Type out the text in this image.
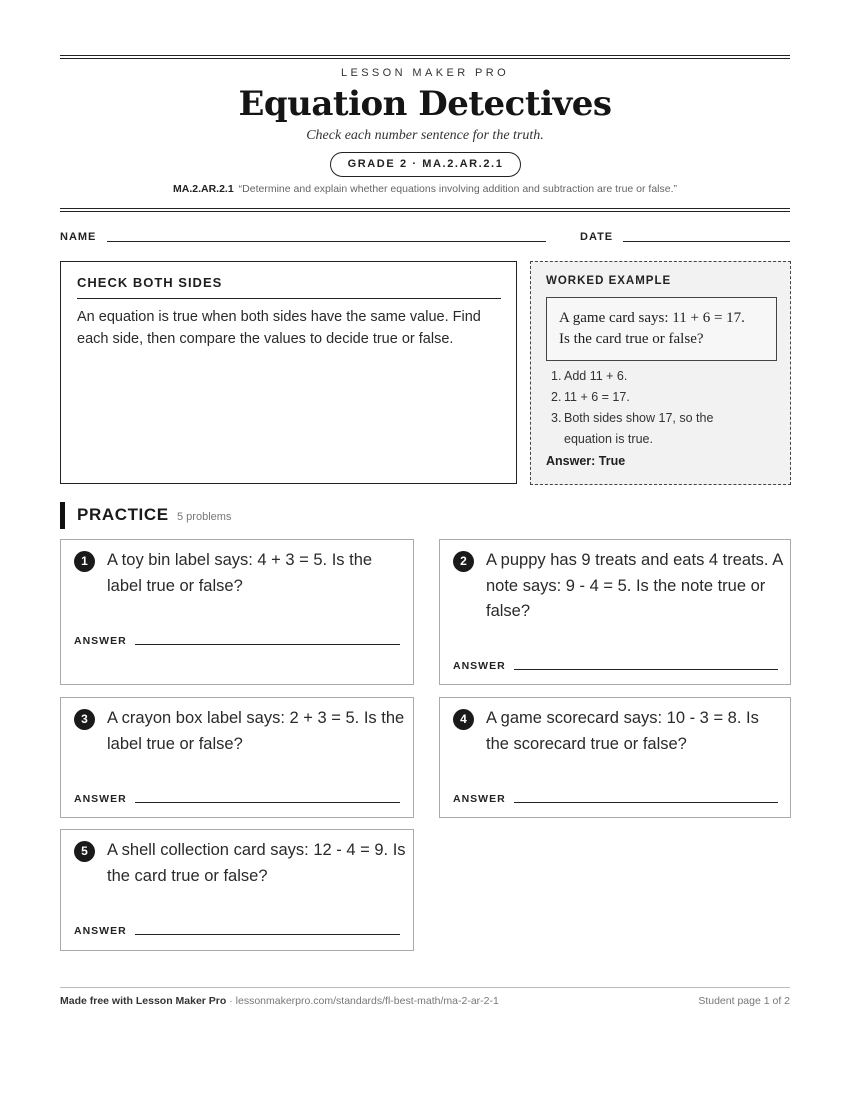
LESSON MAKER PRO
Equation Detectives
Check each number sentence for the truth.
GRADE 2 · MA.2.AR.2.1
MA.2.AR.2.1 “Determine and explain whether equations involving addition and subtraction are true or false.”
NAME	DATE
CHECK BOTH SIDES
An equation is true when both sides have the same value. Find each side, then compare the values to decide true or false.
WORKED EXAMPLE
A game card says: 11 + 6 = 17.
Is the card true or false?
1. Add 11 + 6.
2. 11 + 6 = 17.
3. Both sides show 17, so the equation is true.
Answer: True
PRACTICE 5 problems
1	A toy bin label says: 4 + 3 = 5. Is the label true or false?
ANSWER
2	A puppy has 9 treats and eats 4 treats. A note says: 9 - 4 = 5. Is the note true or false?
ANSWER
3	A crayon box label says: 2 + 3 = 5. Is the label true or false?
ANSWER
4	A game scorecard says: 10 - 3 = 8. Is the scorecard true or false?
ANSWER
5	A shell collection card says: 12 - 4 = 9. Is the card true or false?
ANSWER
Made free with Lesson Maker Pro · lessonmakerpro.com/standards/fl-best-math/ma-2-ar-2-1	Student page 1 of 2
